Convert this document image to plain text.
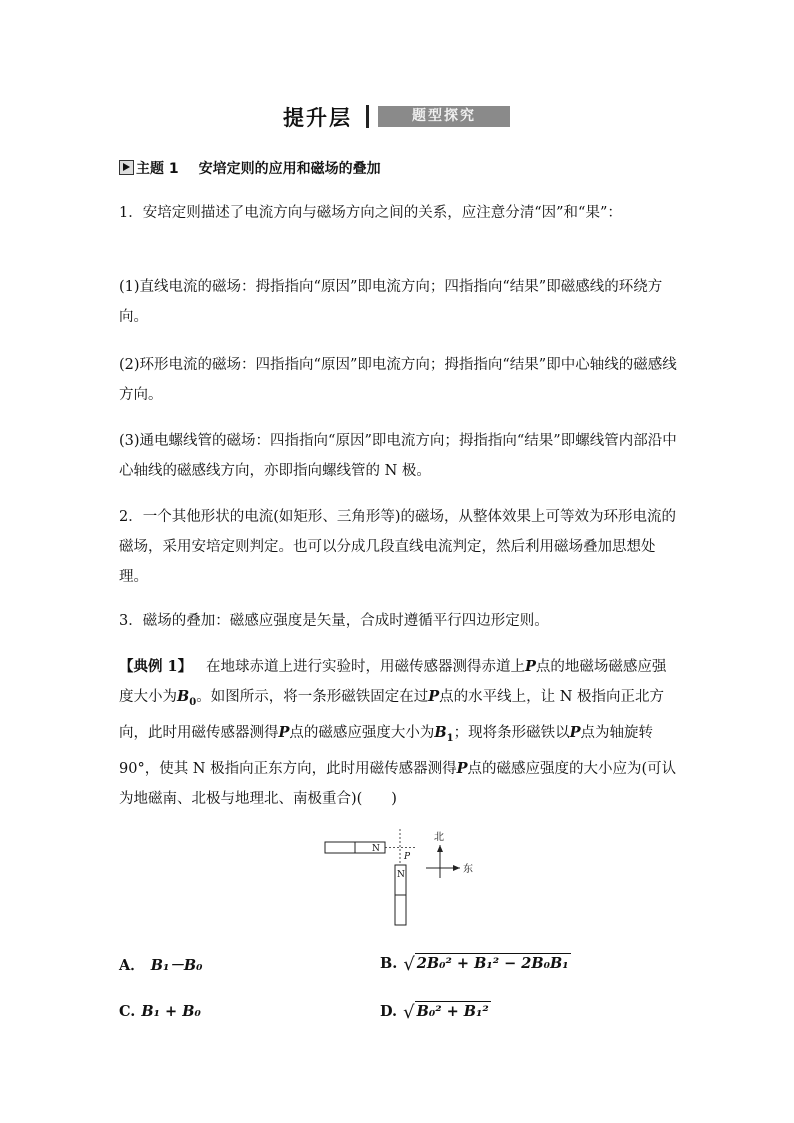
提升层	题型探究
主题 1 安培定则的应用和磁场的叠加
1．安培定则描述了电流方向与磁场方向之间的关系，应注意分清“因”和“果”：
(1)直线电流的磁场：拇指指向“原因”即电流方向；四指指向“结果”即磁感线的环绕方向。
(2)环形电流的磁场：四指指向“原因”即电流方向；拇指指向“结果”即中心轴线的磁感线方向。
(3)通电螺线管的磁场：四指指向“原因”即电流方向；拇指指向“结果”即螺线管内部沿中心轴线的磁感线方向，亦即指向螺线管的 N 极。
2．一个其他形状的电流(如矩形、三角形等)的磁场，从整体效果上可等效为环形电流的磁场，采用安培定则判定。也可以分成几段直线电流判定，然后利用磁场叠加思想处理。
3．磁场的叠加：磁感应强度是矢量，合成时遵循平行四边形定则。
【典例 1】 在地球赤道上进行实验时，用磁传感器测得赤道上P点的地磁场磁感应强度大小为$B_0$。如图所示，将一条形磁铁固定在过P点的水平线上，让 N 极指向正北方向，此时用磁传感器测得P点的磁感应强度大小为$B_1$；现将条形磁铁以P点为轴旋转 90°，使其 N 极指向正东方向，此时用磁传感器测得P点的磁感应强度的大小应为(可认为地磁南、北极与地理北、南极重合)(　　)
N
P
N
北
东
A． B₁－B₀	B. √ 2B₀² + B₁² − 2B₀B₁
C. B₁ + B₀	D. √ B₀² + B₁²
